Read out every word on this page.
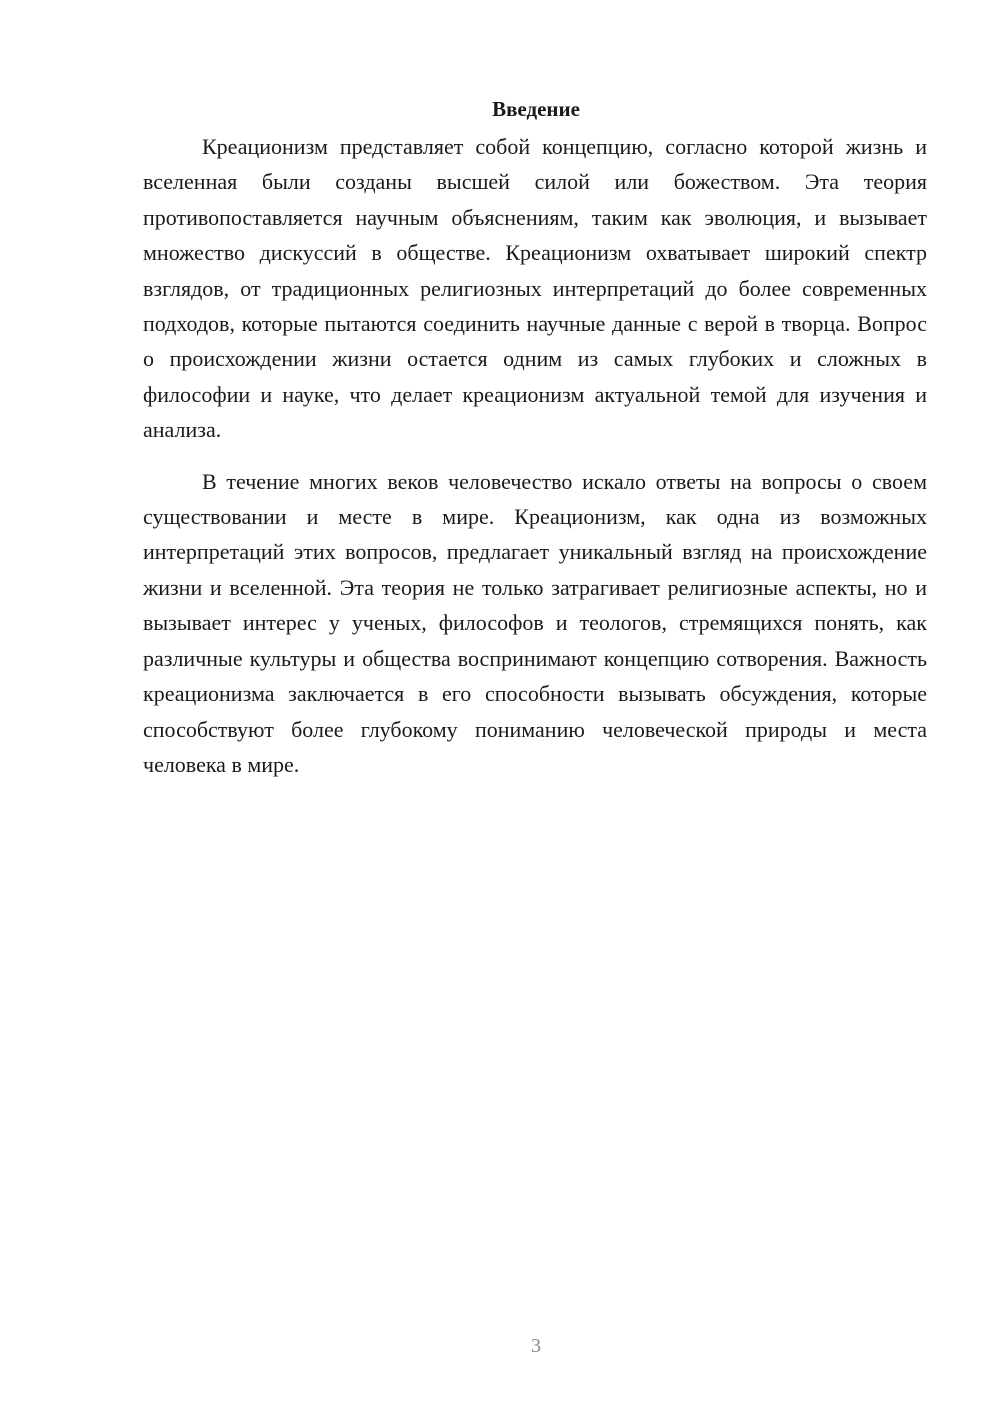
Введение

Креационизм представляет собой концепцию, согласно которой жизнь и вселенная были созданы высшей силой или божеством. Эта теория противопоставляется научным объяснениям, таким как эволюция, и вызывает множество дискуссий в обществе. Креационизм охватывает широкий спектр взглядов, от традиционных религиозных интерпретаций до более современных подходов, которые пытаются соединить научные данные с верой в творца. Вопрос о происхождении жизни остается одним из самых глубоких и сложных в философии и науке, что делает креационизм актуальной темой для изучения и анализа.

В течение многих веков человечество искало ответы на вопросы о своем существовании и месте в мире. Креационизм, как одна из возможных интерпретаций этих вопросов, предлагает уникальный взгляд на происхождение жизни и вселенной. Эта теория не только затрагивает религиозные аспекты, но и вызывает интерес у ученых, философов и теологов, стремящихся понять, как различные культуры и общества воспринимают концепцию сотворения. Важность креационизма заключается в его способности вызывать обсуждения, которые способствуют более глубокому пониманию человеческой природы и места человека в мире.

3
